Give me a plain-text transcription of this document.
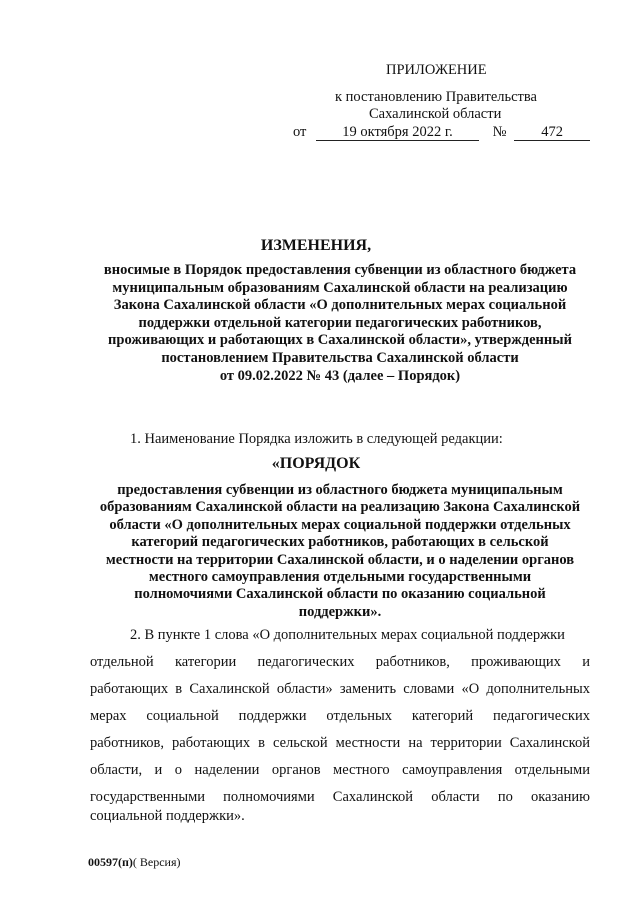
ПРИЛОЖЕНИЕ
к постановлению Правительства
Сахалинской области
от 19 октября 2022 г.	№ 472
ИЗМЕНЕНИЯ,
вносимые в Порядок предоставления субвенции из областного бюджета
муниципальным образованиям Сахалинской области на реализацию
Закона Сахалинской области «О дополнительных мерах социальной
поддержки отдельной категории педагогических работников,
проживающих и работающих в Сахалинской области», утвержденный
постановлением Правительства Сахалинской области
от 09.02.2022 № 43 (далее – Порядок)
1. Наименование Порядка изложить в следующей редакции:
«ПОРЯДОК
предоставления субвенции из областного бюджета муниципальным
образованиям Сахалинской области на реализацию Закона Сахалинской
области «О дополнительных мерах социальной поддержки отдельных
категорий педагогических работников, работающих в сельской
местности на территории Сахалинской области, и о наделении органов
местного самоуправления отдельными государственными
полномочиями Сахалинской области по оказанию социальной
поддержки».
2. В пункте 1 слова «О дополнительных мерах социальной поддержки
отдельной категории педагогических работников, проживающих и
работающих в Сахалинской области» заменить словами «О дополнительных
мерах социальной поддержки отдельных категорий педагогических
работников, работающих в сельской местности на территории Сахалинской
области, и о наделении органов местного самоуправления отдельными
государственными полномочиями Сахалинской области по оказанию
социальной поддержки».
00597(п)( Версия)
